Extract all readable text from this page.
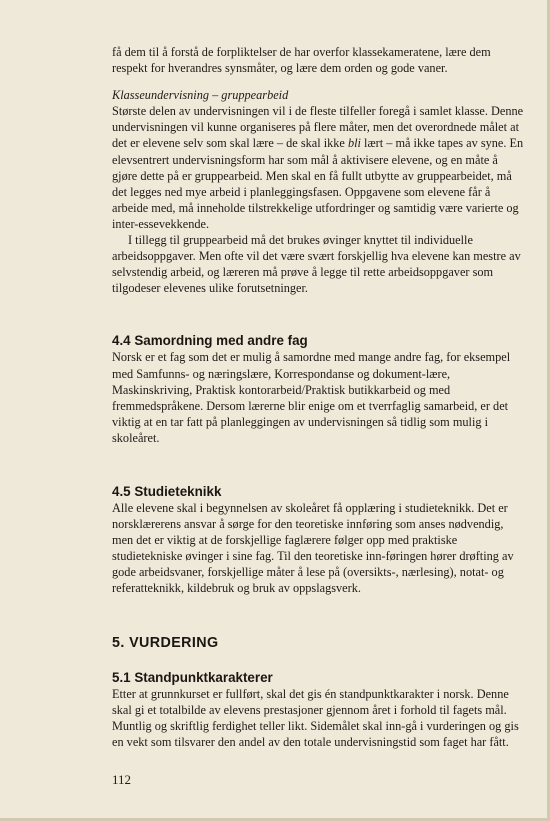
få dem til å forstå de forpliktelser de har overfor klassekameratene, lære dem respekt for hverandres synsmåter, og lære dem orden og gode vaner.

Klasseundervisning – gruppearbeid

Største delen av undervisningen vil i de fleste tilfeller foregå i samlet klasse. Denne undervisningen vil kunne organiseres på flere måter, men det overordnede målet at det er elevene selv som skal lære – de skal ikke bli lært – må ikke tapes av syne. En elevsentrert undervisningsform har som mål å aktivisere elevene, og en måte å gjøre dette på er gruppearbeid. Men skal en få fullt utbytte av gruppearbeidet, må det legges ned mye arbeid i planleggingsfasen. Oppgavene som elevene får å arbeide med, må inneholde tilstrekkelige utfordringer og samtidig være varierte og inter-essevekkende.

I tillegg til gruppearbeid må det brukes øvinger knyttet til individuelle arbeidsoppgaver. Men ofte vil det være svært forskjellig hva elevene kan mestre av selvstendig arbeid, og læreren må prøve å legge til rette arbeidsoppgaver som tilgodeser elevenes ulike forutsetninger.

4.4 Samordning med andre fag

Norsk er et fag som det er mulig å samordne med mange andre fag, for eksempel med Samfunns- og næringslære, Korrespondanse og dokument-lære, Maskinskriving, Praktisk kontorarbeid/Praktisk butikkarbeid og med fremmedspråkene. Dersom lærerne blir enige om et tverrfaglig samarbeid, er det viktig at en tar fatt på planleggingen av undervisningen så tidlig som mulig i skoleåret.

4.5 Studieteknikk

Alle elevene skal i begynnelsen av skoleåret få opplæring i studieteknikk. Det er norsklærerens ansvar å sørge for den teoretiske innføring som anses nødvendig, men det er viktig at de forskjellige faglærere følger opp med praktiske studietekniske øvinger i sine fag. Til den teoretiske inn-føringen hører drøfting av gode arbeidsvaner, forskjellige måter å lese på (oversikts-, nærlesing), notat- og referatteknikk, kildebruk og bruk av oppslagsverk.

5. VURDERING
5.1 Standpunktkarakterer

Etter at grunnkurset er fullført, skal det gis én standpunktkarakter i norsk. Denne skal gi et totalbilde av elevens prestasjoner gjennom året i forhold til fagets mål. Muntlig og skriftlig ferdighet teller likt. Sidemålet skal inn-gå i vurderingen og gis en vekt som tilsvarer den andel av den totale undervisningstid som faget har fått.

112
